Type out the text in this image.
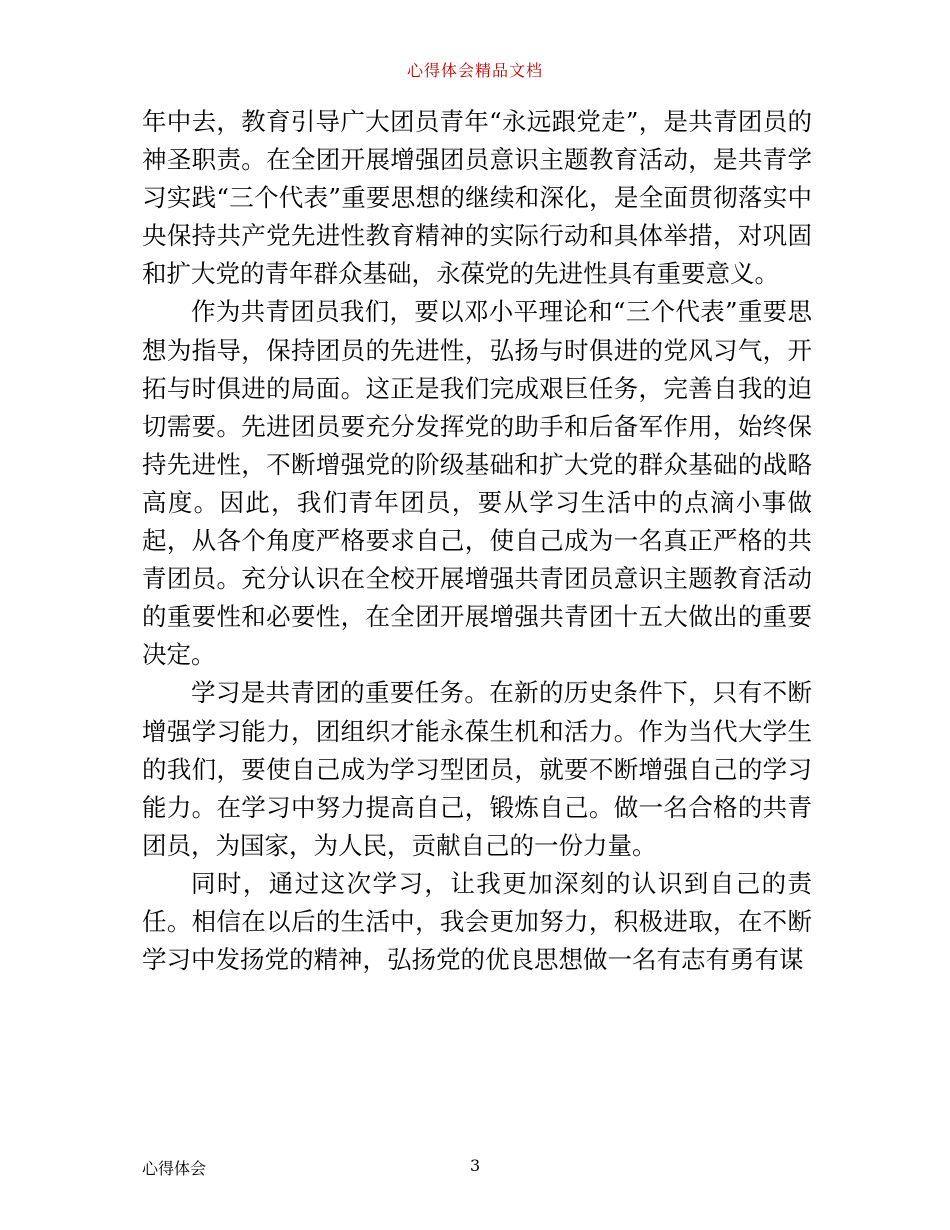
心得体会精品文档

年中去，教育引导广大团员青年“永远跟党走”，是共青团员的神圣职责。在全团开展增强团员意识主题教育活动，是共青学习实践“三个代表”重要思想的继续和深化，是全面贯彻落实中央保持共产党先进性教育精神的实际行动和具体举措，对巩固和扩大党的青年群众基础，永葆党的先进性具有重要意义。

作为共青团员我们，要以邓小平理论和“三个代表”重要思想为指导，保持团员的先进性，弘扬与时俱进的党风习气，开拓与时俱进的局面。这正是我们完成艰巨任务，完善自我的迫切需要。先进团员要充分发挥党的助手和后备军作用，始终保持先进性，不断增强党的阶级基础和扩大党的群众基础的战略高度。因此，我们青年团员，要从学习生活中的点滴小事做起，从各个角度严格要求自己，使自己成为一名真正严格的共青团员。充分认识在全校开展增强共青团员意识主题教育活动的重要性和必要性，在全团开展增强共青团十五大做出的重要决定。

学习是共青团的重要任务。在新的历史条件下，只有不断增强学习能力，团组织才能永葆生机和活力。作为当代大学生的我们，要使自己成为学习型团员，就要不断增强自己的学习能力。在学习中努力提高自己，锻炼自己。做一名合格的共青团员，为国家，为人民，贡献自己的一份力量。

同时，通过这次学习，让我更加深刻的认识到自己的责任。相信在以后的生活中，我会更加努力，积极进取，在不断学习中发扬党的精神，弘扬党的优良思想做一名有志有勇有谋

心得体会	3
